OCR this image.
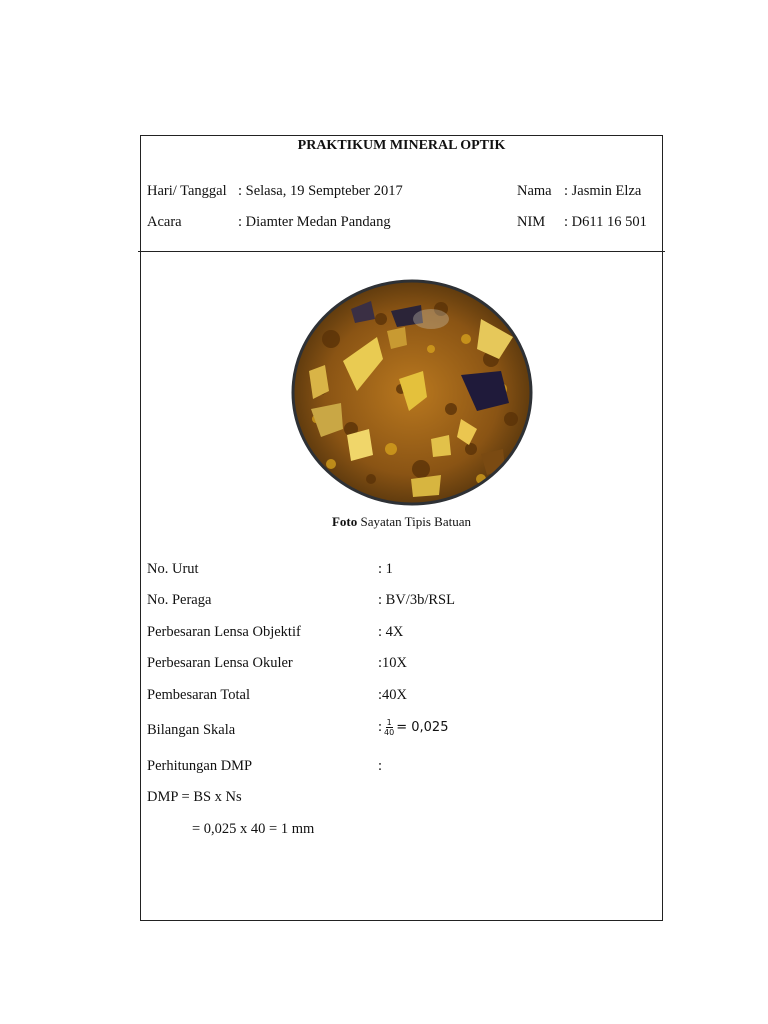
PRAKTIKUM MINERAL OPTIK
Hari/ Tanggal : Selasa, 19 Sempteber 2017	Nama : Jasmin Elza
Acara	: Diamter Medan Pandang	NIM : D611 16 501
Foto Sayatan Tipis Batuan
No. Urut	: 1
No. Peraga	: BV/3b/RSL
Perbesaran Lensa Objektif	: 4X
Perbesaran Lensa Okuler	:10X
Pembesaran Total	:40X
Bilangan Skala	: $\frac{1}{40} = 0,025$
Perhitungan DMP	:
DMP = BS x Ns
= 0,025 x 40 = 1 mm
